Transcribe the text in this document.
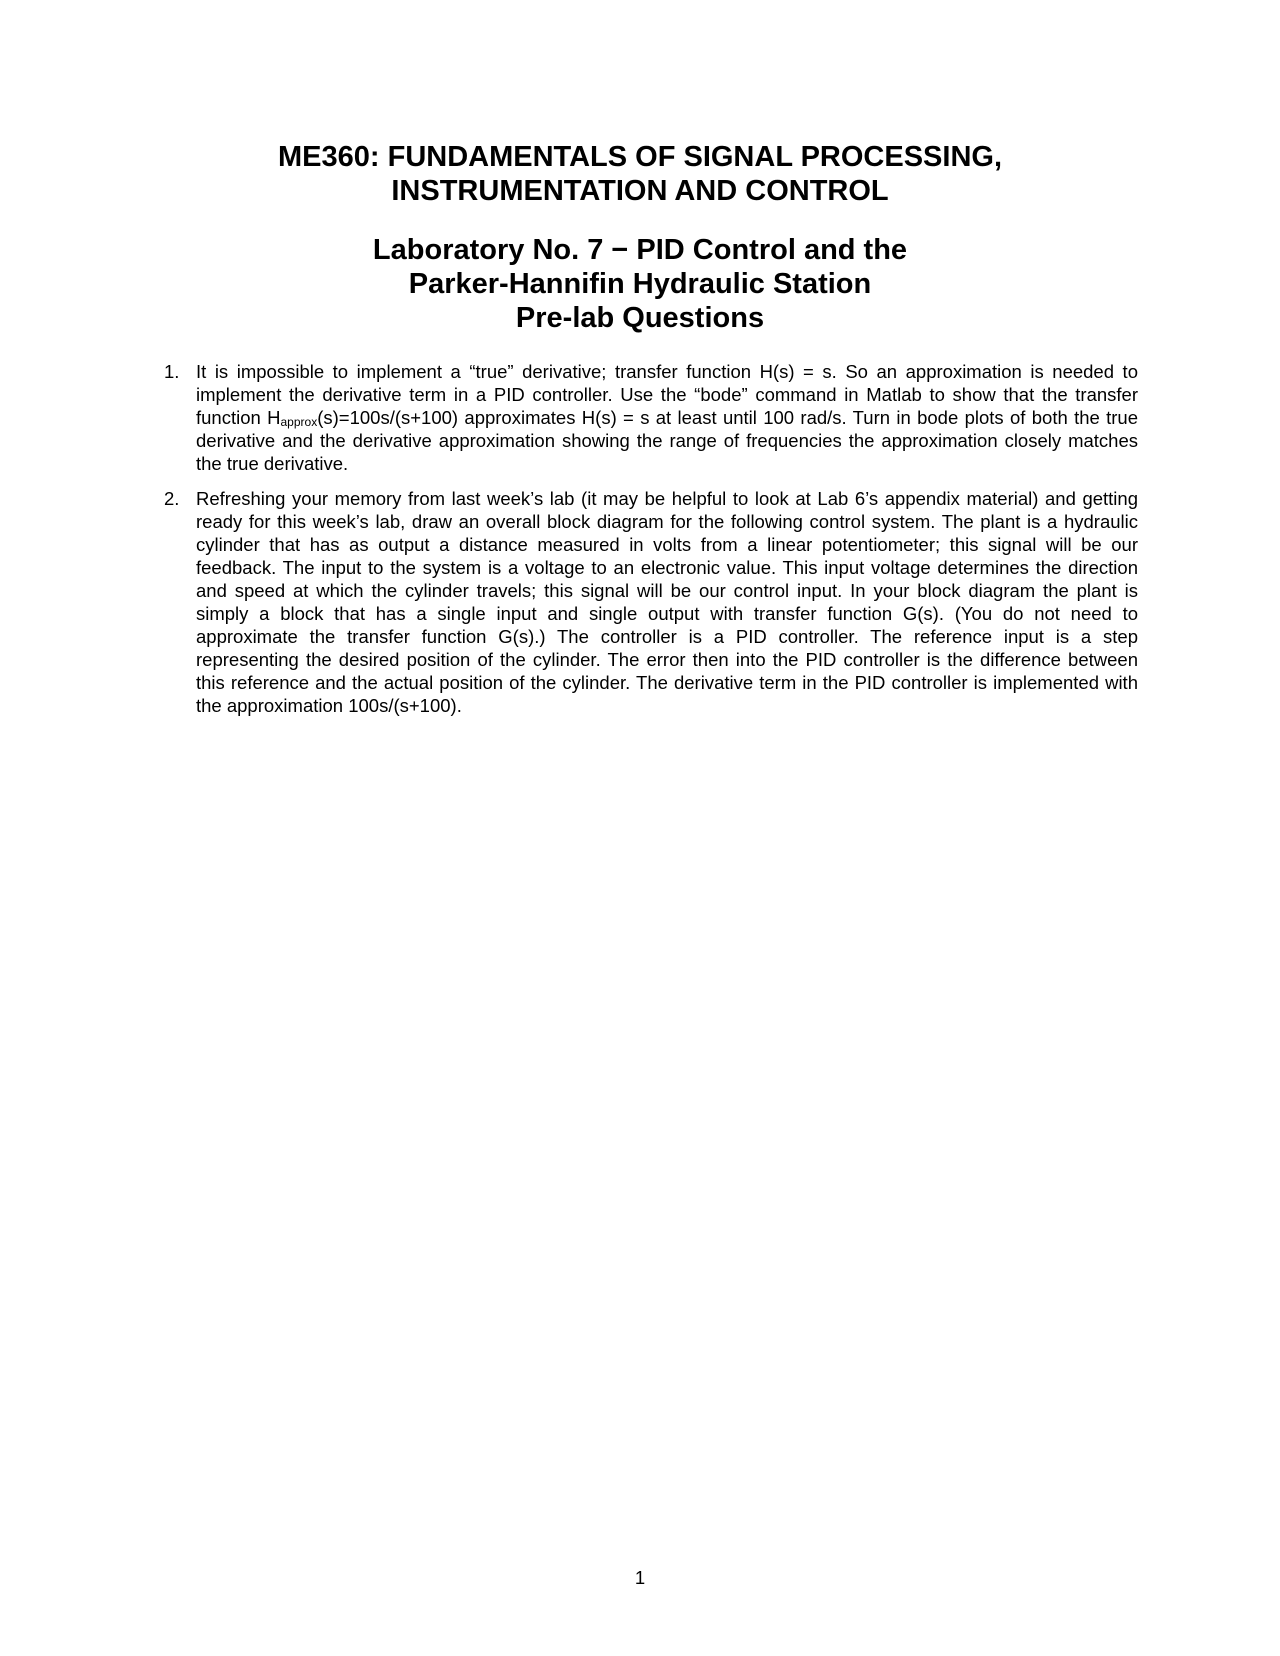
ME360: FUNDAMENTALS OF SIGNAL PROCESSING,
INSTRUMENTATION AND CONTROL
Laboratory No. 7 − PID Control and the
Parker-Hannifin Hydraulic Station
Pre-lab Questions
1. It is impossible to implement a “true” derivative; transfer function H(s) = s. So an approximation is needed to implement the derivative term in a PID controller. Use the “bode” command in Matlab to show that the transfer function $H_{approx}(s)=100s/(s+100)$ approximates H(s) = s at least until 100 rad/s. Turn in bode plots of both the true derivative and the derivative approximation showing the range of frequencies the approximation closely matches the true derivative.
2. Refreshing your memory from last week’s lab (it may be helpful to look at Lab 6’s appendix material) and getting ready for this week’s lab, draw an overall block diagram for the following control system. The plant is a hydraulic cylinder that has as output a distance measured in volts from a linear potentiometer; this signal will be our feedback. The input to the system is a voltage to an electronic value. This input voltage determines the direction and speed at which the cylinder travels; this signal will be our control input. In your block diagram the plant is simply a block that has a single input and single output with transfer function G(s). (You do not need to approximate the transfer function G(s).) The controller is a PID controller. The reference input is a step representing the desired position of the cylinder. The error then into the PID controller is the difference between this reference and the actual position of the cylinder. The derivative term in the PID controller is implemented with the approximation 100s/(s+100).
1
